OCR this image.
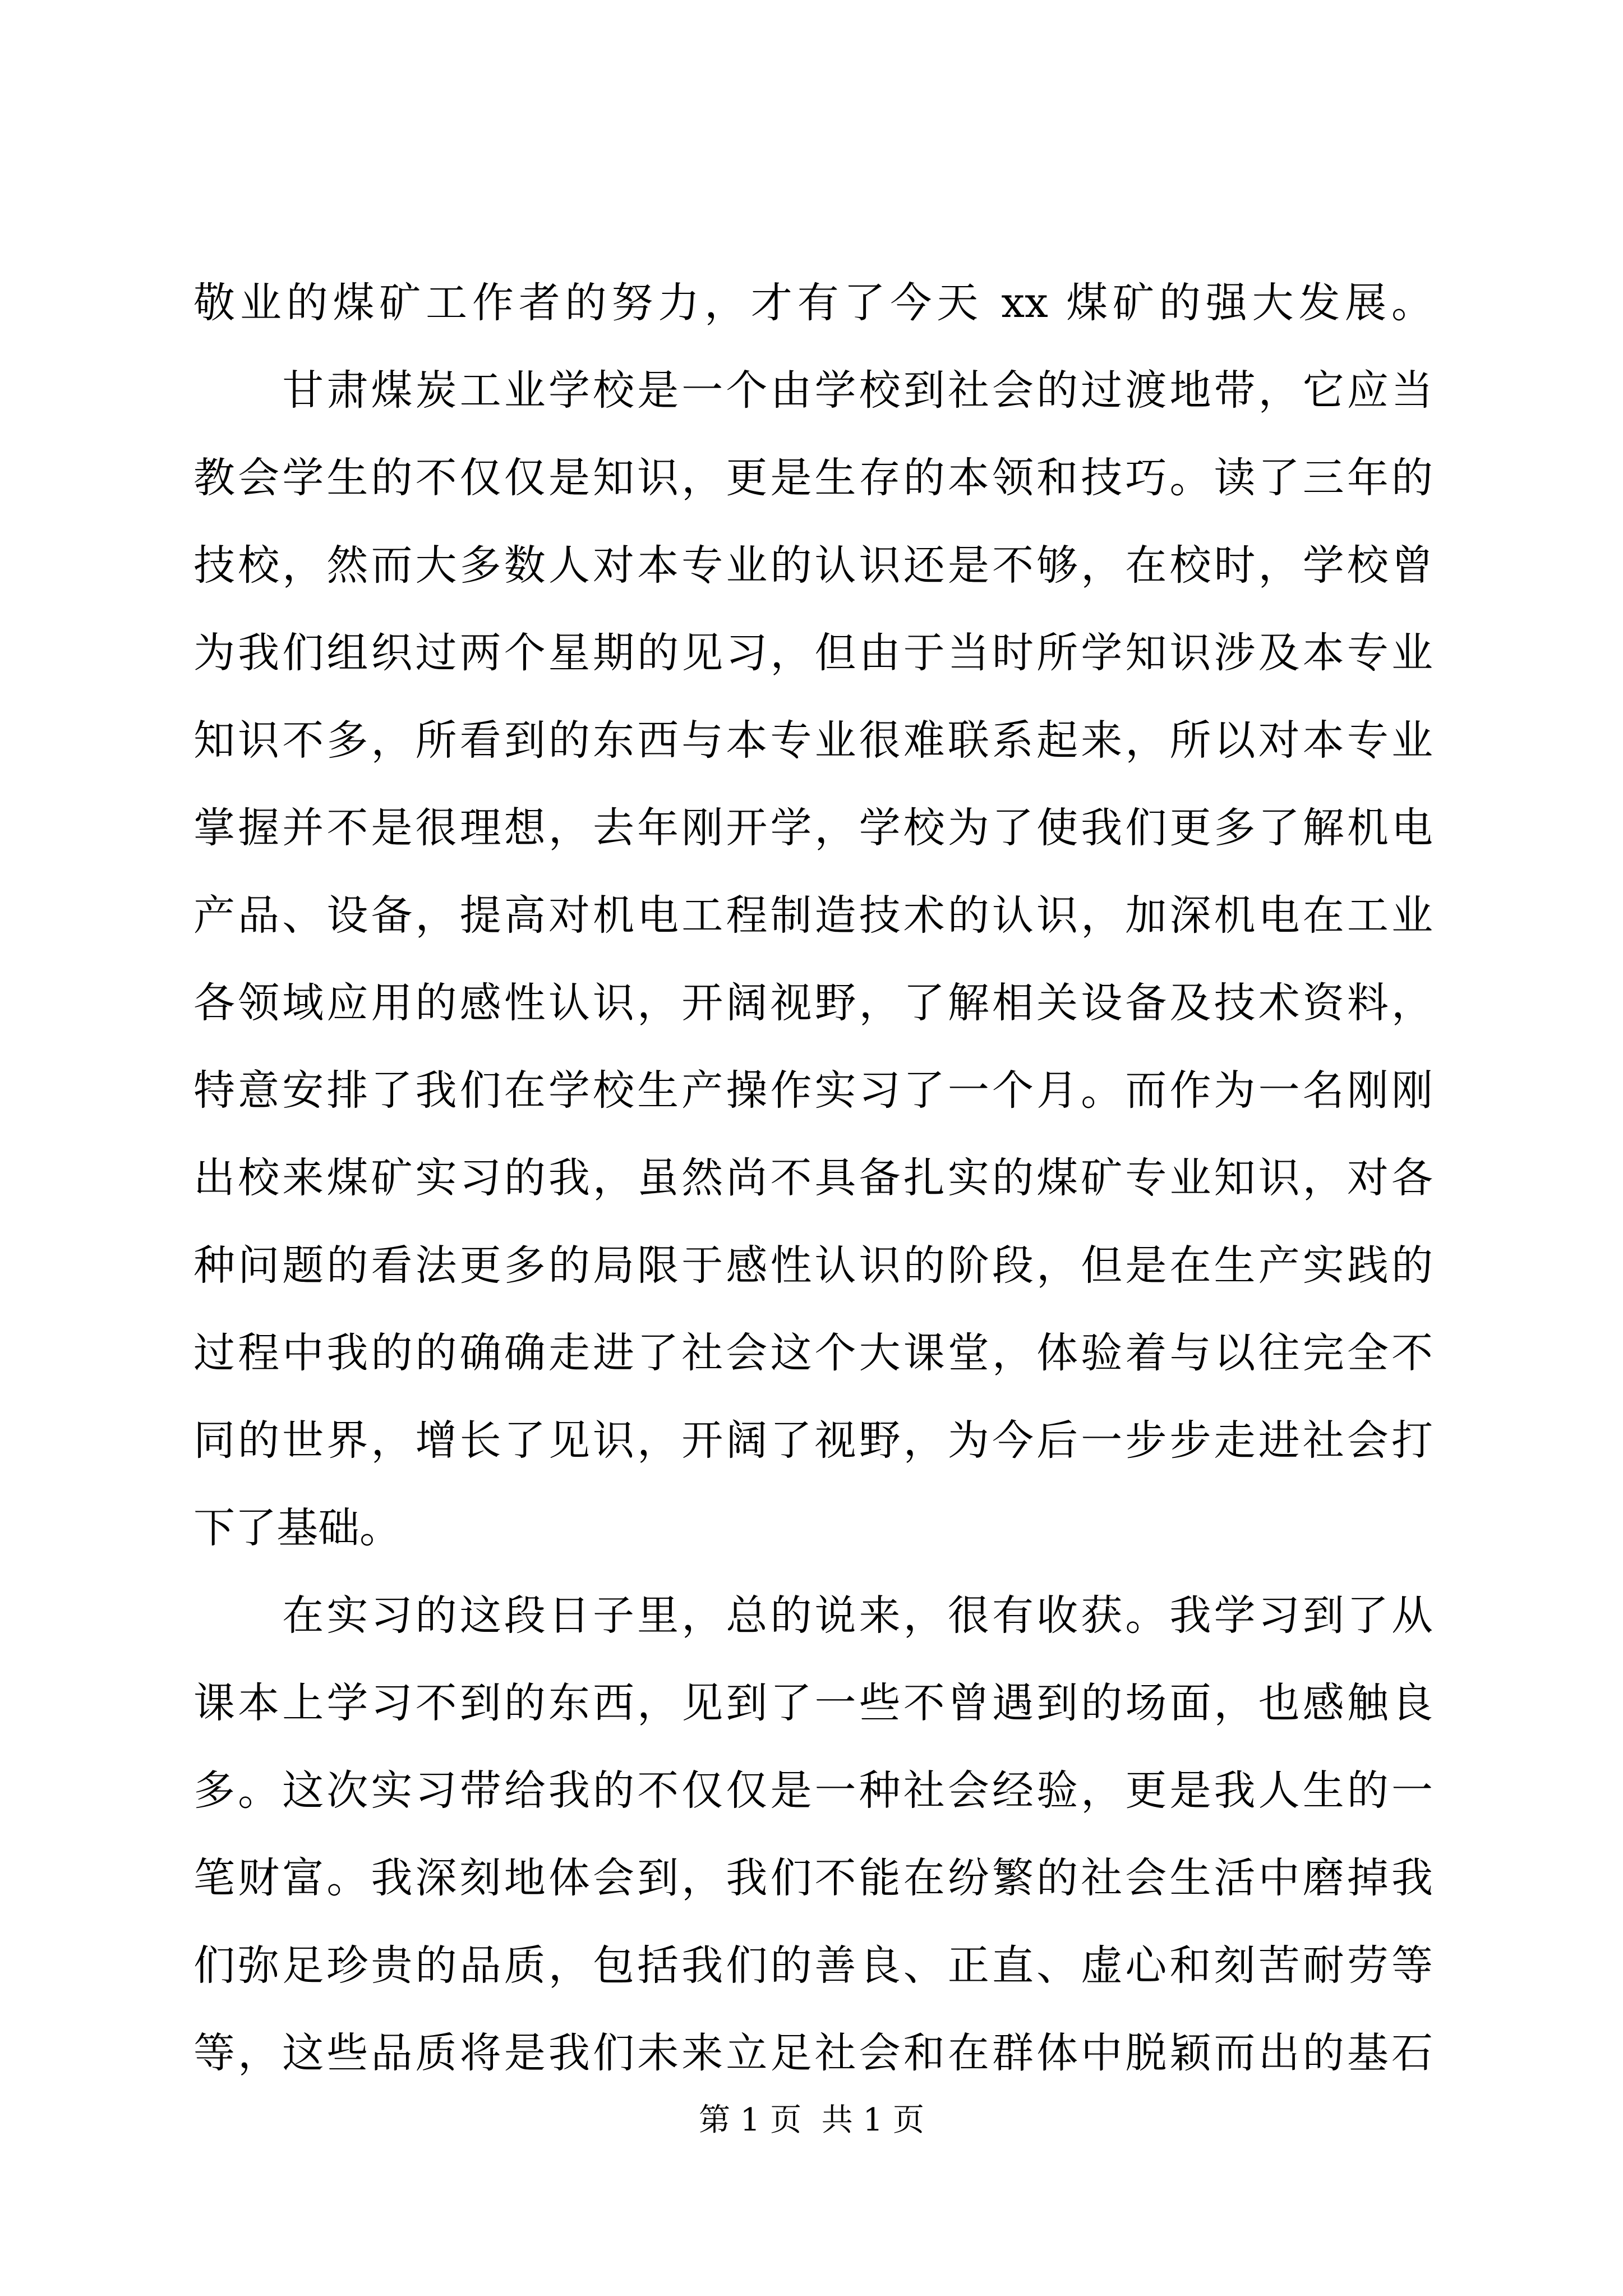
敬业的煤矿工作者的努力，才有了今天 xx 煤矿的强大发展。
　　甘肃煤炭工业学校是一个由学校到社会的过渡地带，它应当
教会学生的不仅仅是知识，更是生存的本领和技巧。读了三年的
技校，然而大多数人对本专业的认识还是不够，在校时，学校曾
为我们组织过两个星期的见习，但由于当时所学知识涉及本专业
知识不多，所看到的东西与本专业很难联系起来，所以对本专业
掌握并不是很理想，去年刚开学，学校为了使我们更多了解机电
产品、设备，提高对机电工程制造技术的认识，加深机电在工业
各领域应用的感性认识，开阔视野，了解相关设备及技术资料，
特意安排了我们在学校生产操作实习了一个月。而作为一名刚刚
出校来煤矿实习的我，虽然尚不具备扎实的煤矿专业知识，对各
种问题的看法更多的局限于感性认识的阶段，但是在生产实践的
过程中我的的确确走进了社会这个大课堂，体验着与以往完全不
同的世界，增长了见识，开阔了视野，为今后一步步走进社会打
下了基础。
　　在实习的这段日子里，总的说来，很有收获。我学习到了从
课本上学习不到的东西，见到了一些不曾遇到的场面，也感触良
多。这次实习带给我的不仅仅是一种社会经验，更是我人生的一
笔财富。我深刻地体会到，我们不能在纷繁的社会生活中磨掉我
们弥足珍贵的品质，包括我们的善良、正直、虚心和刻苦耐劳等
等，这些品质将是我们未来立足社会和在群体中脱颖而出的基石
第 1 页  共 1 页
